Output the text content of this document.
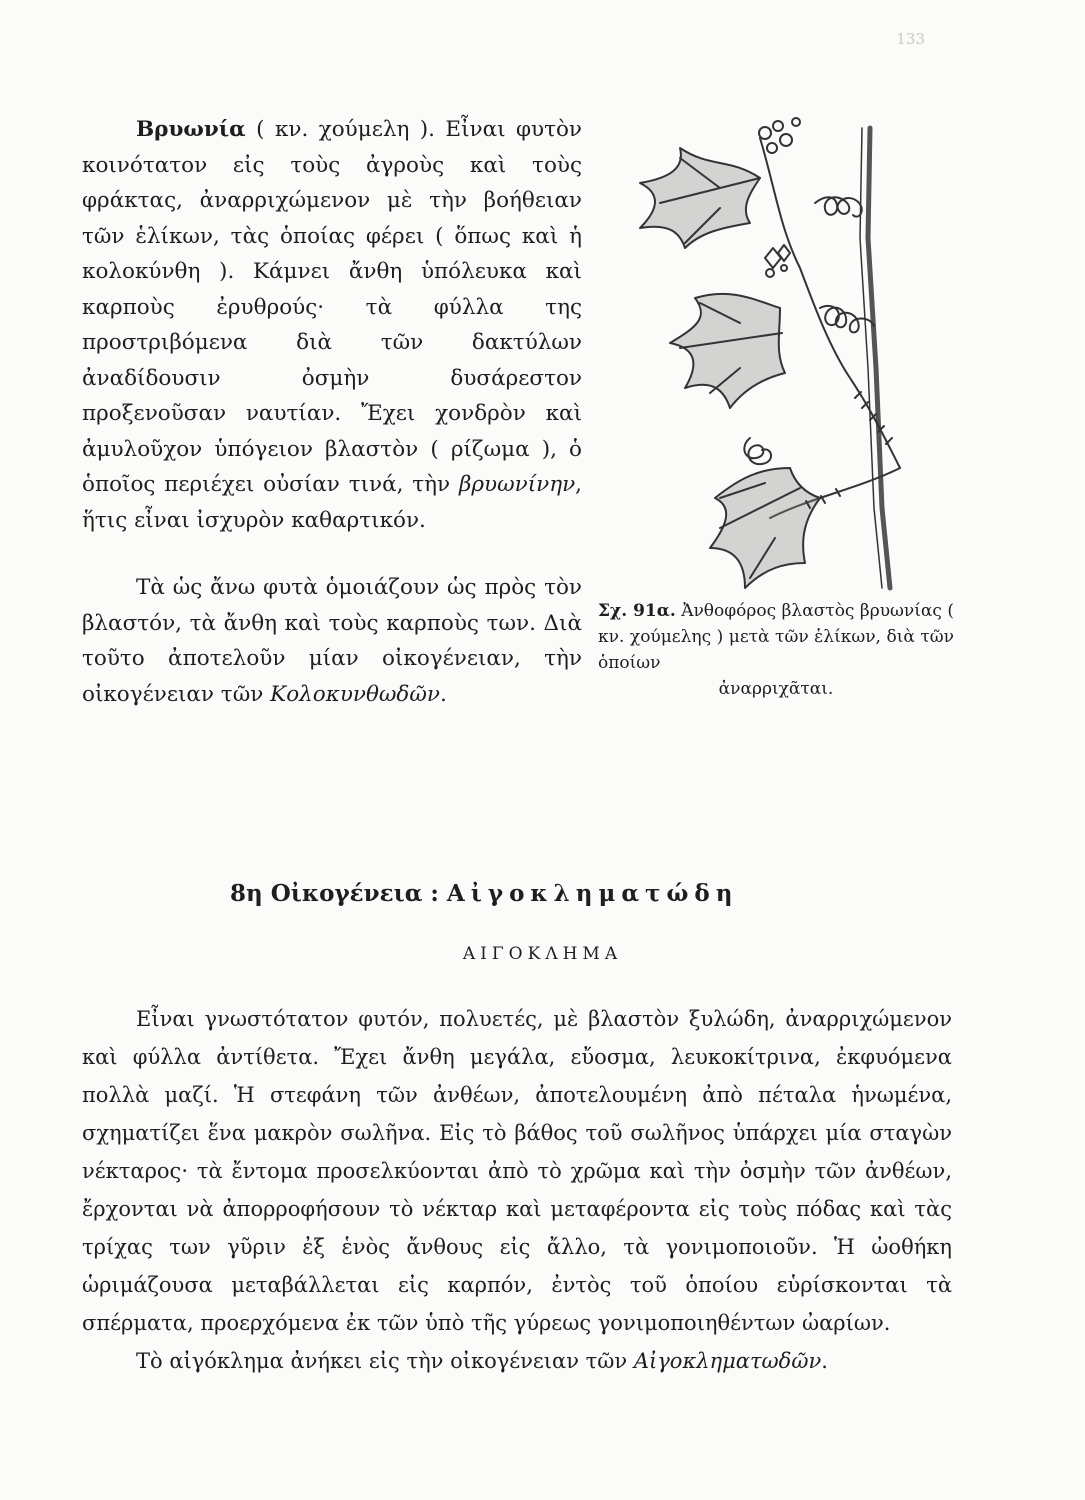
133

Βρυωνία ( κν. χούμελη ). Εἶναι φυτὸν κοινότατον εἰς τοὺς ἀγροὺς καὶ τοὺς φράκτας, ἀναρριχώμενον μὲ τὴν βοήθειαν τῶν ἑλίκων, τὰς ὁποίας φέρει ( ὅπως καὶ ἡ κολοκύνθη ). Κάμνει ἄνθη ὑπόλευκα καὶ καρποὺς ἐρυθρούς· τὰ φύλλα της προστριβόμενα διὰ τῶν δακτύλων ἀναδίδουσιν ὀσμὴν δυσάρεστον προξενοῦσαν ναυτίαν. Ἔχει χονδρὸν καὶ ἀμυλοῦχον ὑπόγειον βλαστὸν ( ρίζωμα ), ὁ ὁποῖος περιέχει οὐσίαν τινά, τὴν βρυωνίνην, ἥτις εἶναι ἰσχυρὸν καθαρτικόν.

Τὰ ὡς ἄνω φυτὰ ὁμοιάζουν ὡς πρὸς τὸν βλαστόν, τὰ ἄνθη καὶ τοὺς καρποὺς των. Διὰ τοῦτο ἀποτελοῦν μίαν οἰκογένειαν, τὴν οἰκογένειαν τῶν Κολοκυνθωδῶν.

Σχ. 91α. Ἀνθοφόρος βλαστὸς βρυωνίας ( κν. χούμελης ) μετὰ τῶν ἑλίκων, διὰ τῶν ὁποίων
ἀναρριχᾶται.
8η Οἰκογένεια : Αἰγοκληματώδη
ΑΙΓΟΚΛΗΜΑ

Εἶναι γνωστότατον φυτόν, πολυετές, μὲ βλαστὸν ξυλώδη, ἀναρριχώμενον καὶ φύλλα ἀντίθετα. Ἔχει ἄνθη μεγάλα, εὔοσμα, λευκοκίτρινα, ἐκφυόμενα πολλὰ μαζί. Ἡ στεφάνη τῶν ἀνθέων, ἀποτελουμένη ἀπὸ πέταλα ἡνωμένα, σχηματίζει ἕνα μακρὸν σωλῆνα. Εἰς τὸ βάθος τοῦ σωλῆνος ὑπάρχει μία σταγὼν νέκταρος· τὰ ἔντομα προσελκύονται ἀπὸ τὸ χρῶμα καὶ τὴν ὀσμὴν τῶν ἀνθέων, ἔρχονται νὰ ἀπορροφήσουν τὸ νέκταρ καὶ μεταφέροντα εἰς τοὺς πόδας καὶ τὰς τρίχας των γῦριν ἐξ ἑνὸς ἄνθους εἰς ἄλλο, τὰ γονιμοποιοῦν. Ἡ ὠοθήκη ὡριμάζουσα μεταβάλλεται εἰς καρπόν, ἐντὸς τοῦ ὁποίου εὑρίσκονται τὰ σπέρματα, προερχόμενα ἐκ τῶν ὑπὸ τῆς γύρεως γονιμοποιηθέντων ὠαρίων.

Τὸ αἰγόκλημα ἀνήκει εἰς τὴν οἰκογένειαν τῶν Αἰγοκληματωδῶν.
